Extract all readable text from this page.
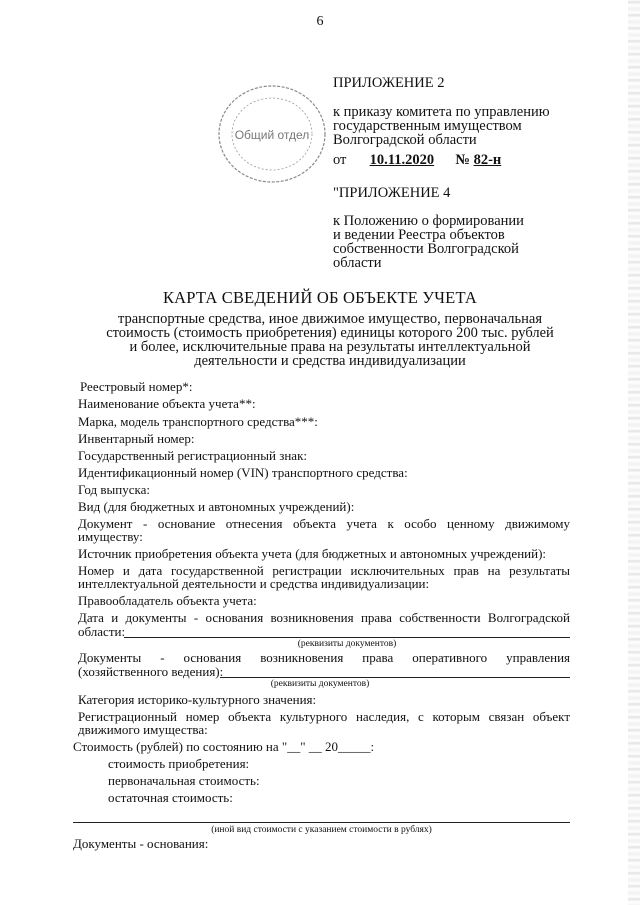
6
Общий отдел
ПРИЛОЖЕНИЕ 2
к приказу комитета по управлению
государственным имуществом
Волгоградской области
от 10.11.2020 № 82-н
"ПРИЛОЖЕНИЕ 4
к Положению о формировании
и ведении Реестра объектов
собственности Волгоградской
области
КАРТА СВЕДЕНИЙ ОБ ОБЪЕКТЕ УЧЕТА
транспортные средства, иное движимое имущество, первоначальная
стоимость (стоимость приобретения) единицы которого 200 тыс. рублей
и более, исключительные права на результаты интеллектуальной
деятельности и средства индивидуализации
Реестровый номер*:
Наименование объекта учета**:
Марка, модель транспортного средства***:
Инвентарный номер:
Государственный регистрационный знак:
Идентификационный номер (VIN) транспортного средства:
Год выпуска:
Вид (для бюджетных и автономных учреждений):
Документ - основание отнесения объекта учета к особо ценному движимому
имуществу:
Источник приобретения объекта учета (для бюджетных и автономных учреждений):
Номер и дата государственной регистрации исключительных прав на результаты
интеллектуальной деятельности и средства индивидуализации:
Правообладатель объекта учета:
Дата и документы - основания возникновения права собственности Волгоградской
области:
(реквизиты документов)
Документы - основания возникновения права оперативного управления
(хозяйственного ведения):
(реквизиты документов)
Категория историко-культурного значения:
Регистрационный номер объекта культурного наследия, с которым связан объект
движимого имущества:
Стоимость (рублей) по состоянию на "__" __ 20_____:
стоимость приобретения:
первоначальная стоимость:
остаточная стоимость:
(иной вид стоимости с указанием стоимости в рублях)
Документы - основания:
